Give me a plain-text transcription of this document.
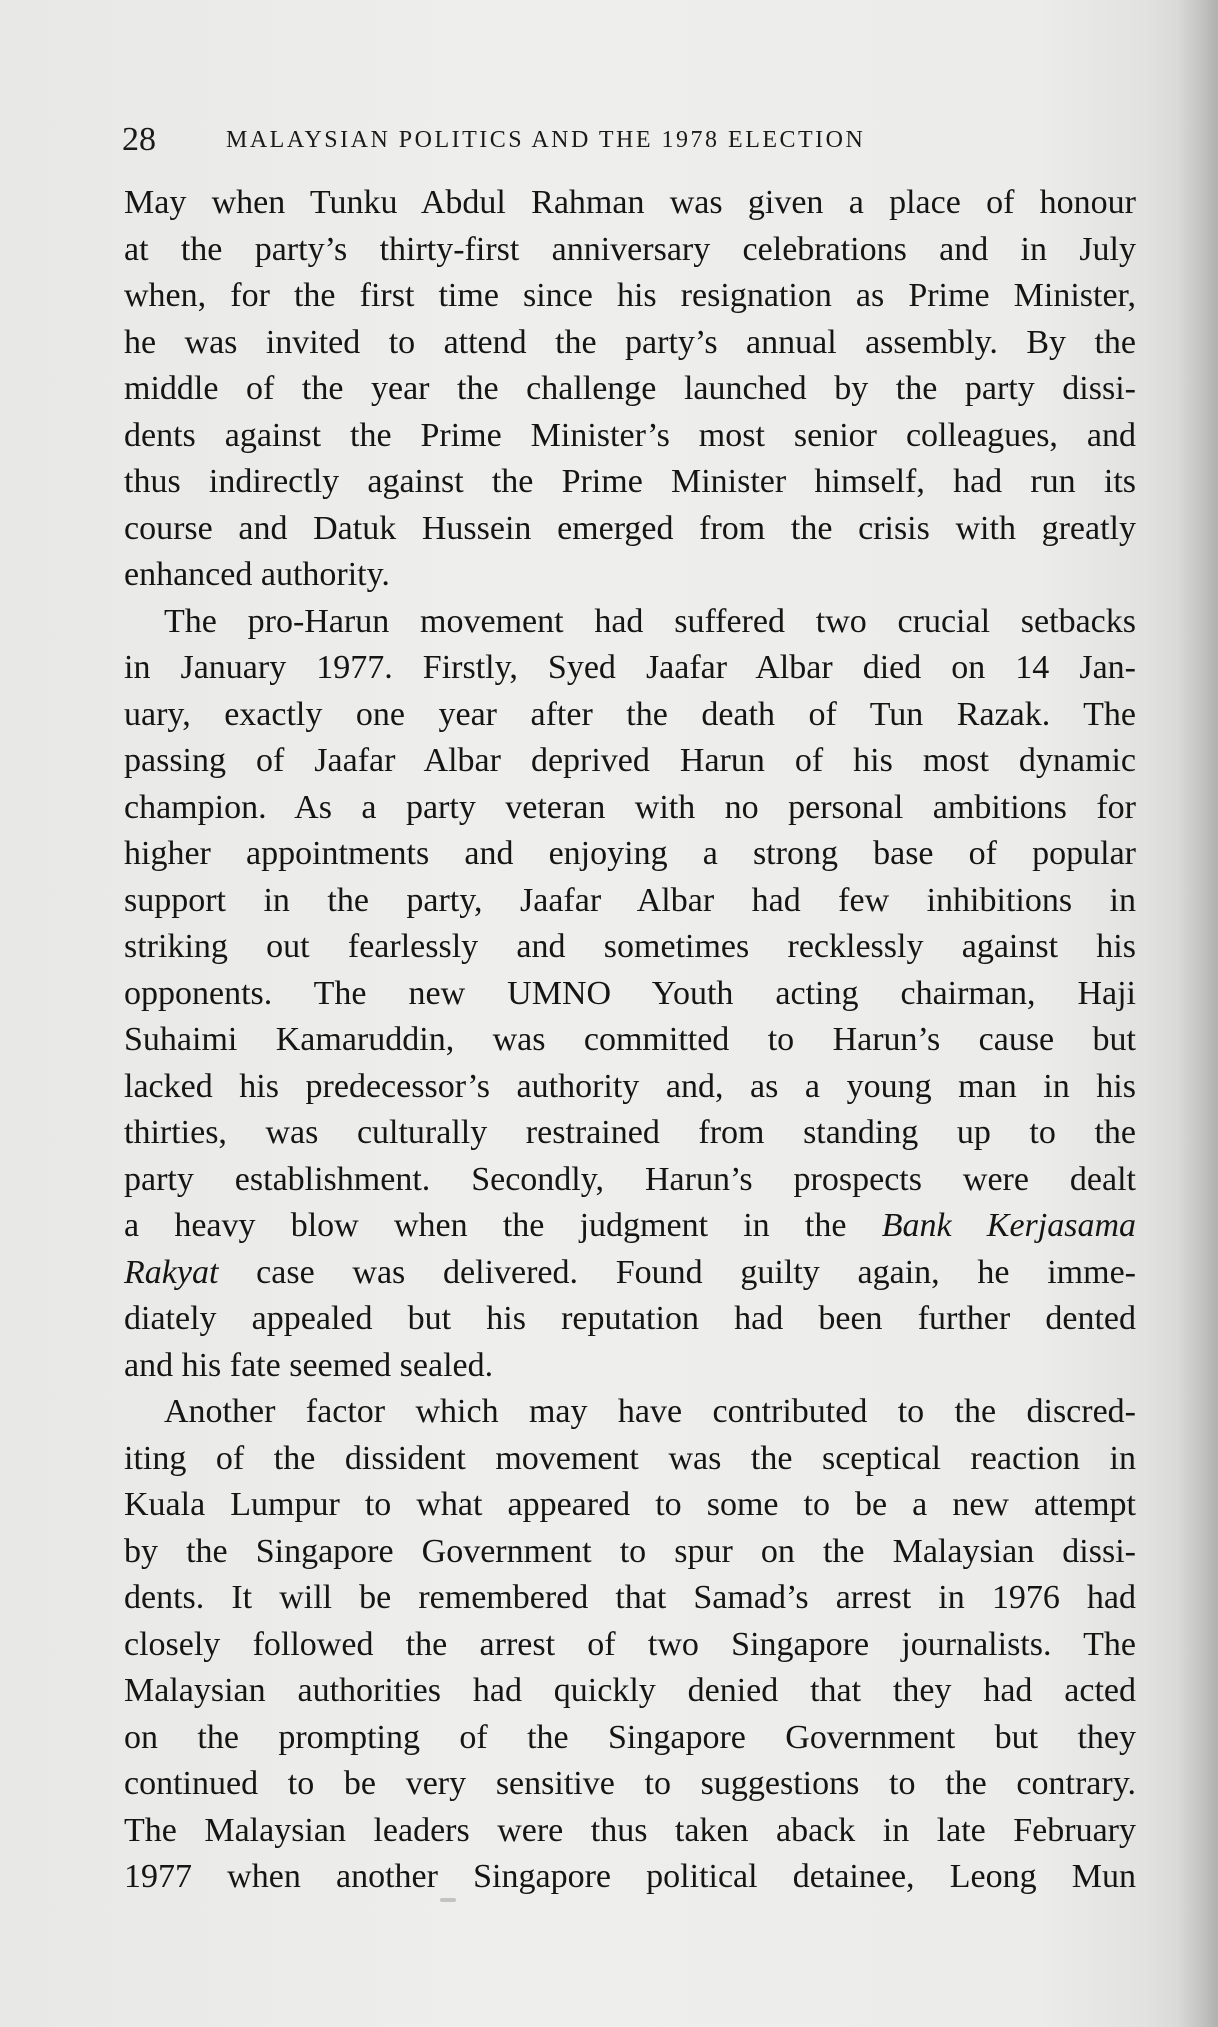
28	MALAYSIAN POLITICS AND THE 1978 ELECTION
May when Tunku Abdul Rahman was given a place of honour
at the party’s thirty-first anniversary celebrations and in July
when, for the first time since his resignation as Prime Minister,
he was invited to attend the party’s annual assembly. By the
middle of the year the challenge launched by the party dissi-
dents against the Prime Minister’s most senior colleagues, and
thus indirectly against the Prime Minister himself, had run its
course and Datuk Hussein emerged from the crisis with greatly
enhanced authority.
The pro-Harun movement had suffered two crucial setbacks
in January 1977. Firstly, Syed Jaafar Albar died on 14 Jan-
uary, exactly one year after the death of Tun Razak. The
passing of Jaafar Albar deprived Harun of his most dynamic
champion. As a party veteran with no personal ambitions for
higher appointments and enjoying a strong base of popular
support in the party, Jaafar Albar had few inhibitions in
striking out fearlessly and sometimes recklessly against his
opponents. The new UMNO Youth acting chairman, Haji
Suhaimi Kamaruddin, was committed to Harun’s cause but
lacked his predecessor’s authority and, as a young man in his
thirties, was culturally restrained from standing up to the
party establishment. Secondly, Harun’s prospects were dealt
a heavy blow when the judgment in the Bank Kerjasama
Rakyat case was delivered. Found guilty again, he imme-
diately appealed but his reputation had been further dented
and his fate seemed sealed.
Another factor which may have contributed to the discred-
iting of the dissident movement was the sceptical reaction in
Kuala Lumpur to what appeared to some to be a new attempt
by the Singapore Government to spur on the Malaysian dissi-
dents. It will be remembered that Samad’s arrest in 1976 had
closely followed the arrest of two Singapore journalists. The
Malaysian authorities had quickly denied that they had acted
on the prompting of the Singapore Government but they
continued to be very sensitive to suggestions to the contrary.
The Malaysian leaders were thus taken aback in late February
1977 when another Singapore political detainee, Leong Mun
